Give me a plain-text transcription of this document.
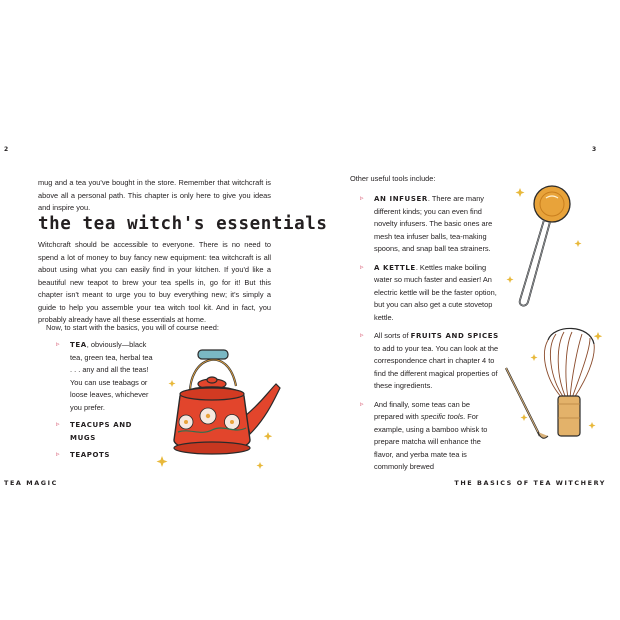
2

mug and a tea you've bought in the store. Remember that witchcraft is above all a personal path. This chapter is only here to give you ideas and inspire you.

the tea witch's essentials

Witchcraft should be accessible to everyone. There is no need to spend a lot of money to buy fancy new equipment: tea witchcraft is all about using what you can easily find in your kitchen. If you'd like a beautiful new teapot to brew your tea spells in, go for it! But this chapter isn't meant to urge you to buy everything new; it's simply a guide to help you assemble your tea witch tool kit. And in fact, you probably already have all these essentials at home.

Now, to start with the basics, you will of course need:

▹ TEA, obviously—black tea, green tea, herbal tea . . . any and all the teas! You can use teabags or loose leaves, whichever you prefer.
▹ TEACUPS AND MUGS
▹ TEAPOTS
TEA MAGIC
3

Other useful tools include:

▹ AN INFUSER. There are many different kinds; you can even find novelty infusers. The basic ones are mesh tea infuser balls, tea-making spoons, and snap ball tea strainers.
▹ A KETTLE. Kettles make boiling water so much faster and easier! An electric kettle will be the faster option, but you can also get a cute stovetop kettle.
▹ All sorts of FRUITS AND SPICES to add to your tea. You can look at the correspondence chart in chapter 4 to find the different magical properties of these ingredients.
▹ And finally, some teas can be prepared with specific tools. For example, using a bamboo whisk to prepare matcha will enhance the flavor, and yerba mate tea is commonly brewed
THE BASICS OF TEA WITCHERY
